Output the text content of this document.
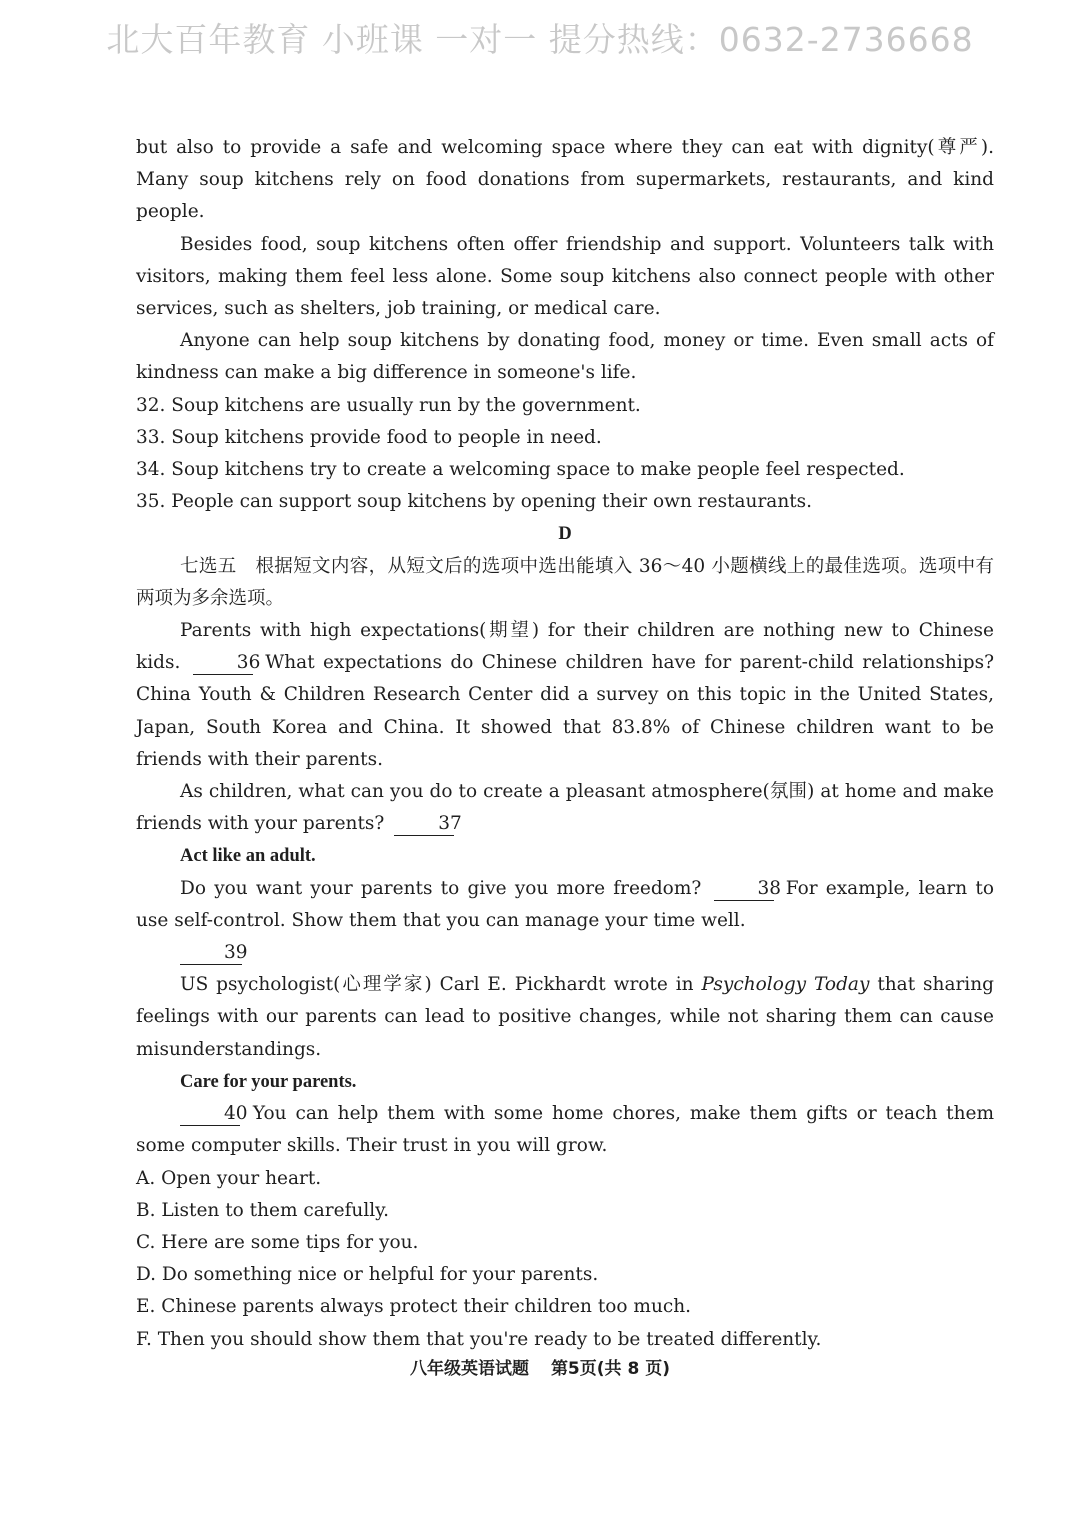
北大百年教育 小班课 一对一 提分热线：0632-2736668

but also to provide a safe and welcoming space where they can eat with dignity(尊严). Many soup kitchens rely on food donations from supermarkets, restaurants, and kind people.

Besides food, soup kitchens often offer friendship and support. Volunteers talk with visitors, making them feel less alone. Some soup kitchens also connect people with other services, such as shelters, job training, or medical care.

Anyone can help soup kitchens by donating food, money or time. Even small acts of kindness can make a big difference in someone's life.

32. Soup kitchens are usually run by the government.

33. Soup kitchens provide food to people in need.

34. Soup kitchens try to create a welcoming space to make people feel respected.

35. People can support soup kitchens by opening their own restaurants.

D

七选五　根据短文内容，从短文后的选项中选出能填入 36～40 小题横线上的最佳选项。选项中有两项为多余选项。

Parents with high expectations(期望) for their children are nothing new to Chinese kids.	36 What expectations do Chinese children have for parent-child relationships? China Youth & Children Research Center did a survey on this topic in the United States, Japan, South Korea and China. It showed that 83.8% of Chinese children want to be friends with their parents.

As children, what can you do to create a pleasant atmosphere(氛围) at home and make friends with your parents?	37

Act like an adult.

Do you want your parents to give you more freedom?	38 For example, learn to use self-control. Show them that you can manage your time well.

39

US psychologist(心理学家) Carl E. Pickhardt wrote in Psychology Today that sharing feelings with our parents can lead to positive changes, while not sharing them can cause misunderstandings.

Care for your parents.

40 You can help them with some home chores, make them gifts or teach them some computer skills. Their trust in you will grow.

A. Open your heart.

B. Listen to them carefully.

C. Here are some tips for you.

D. Do something nice or helpful for your parents.

E. Chinese parents always protect their children too much.

F. Then you should show them that you're ready to be treated differently.

八年级英语试题 第5页(共 8 页)
